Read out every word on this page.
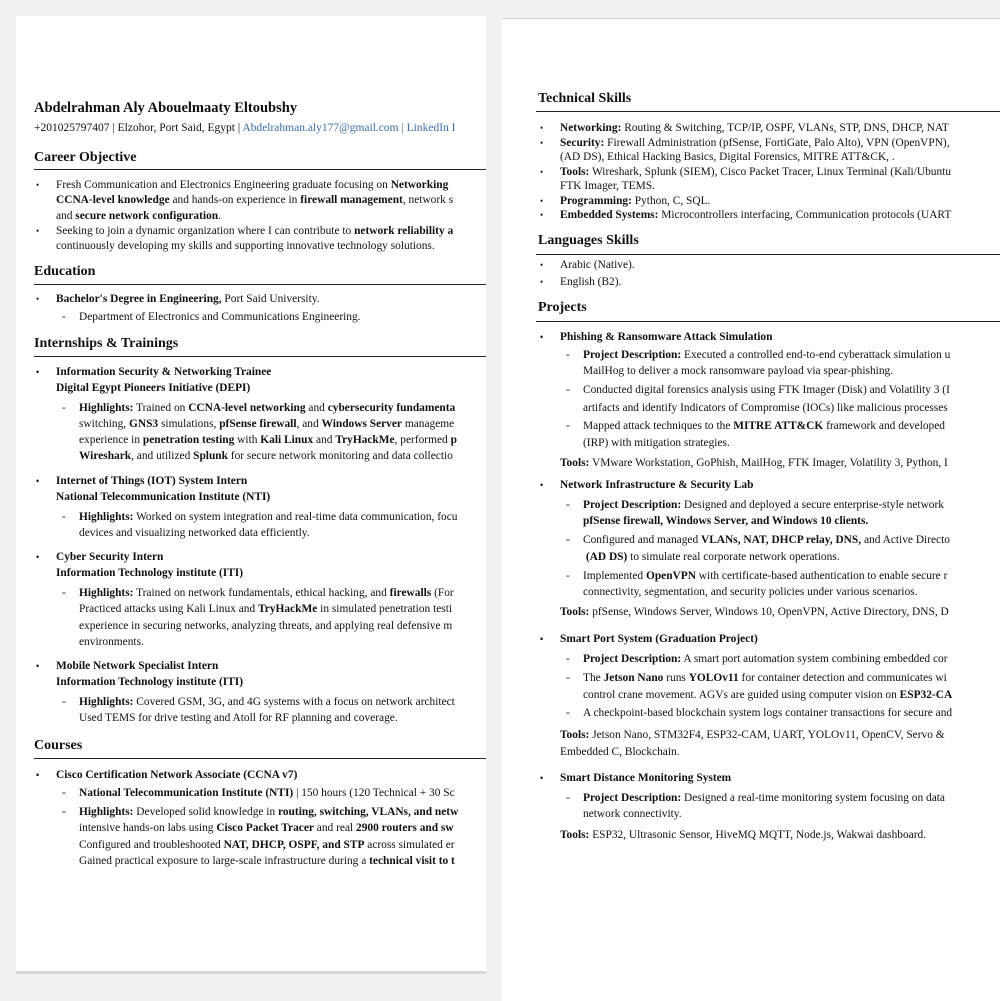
Abdelrahman Aly Abouelmaaty Eltoubshy
+201025797407 | Elzohor, Port Said, Egypt | Abdelrahman.aly177@gmail.com | LinkedIn I
Career Objective
• Fresh Communication and Electronics Engineering graduate focusing on Networking
CCNA-level knowledge and hands-on experience in firewall management, network s
and secure network configuration.
• Seeking to join a dynamic organization where I can contribute to network reliability a
continuously developing my skills and supporting innovative technology solutions.
Education
• Bachelor's Degree in Engineering, Port Said University.
- Department of Electronics and Communications Engineering.
Internships & Trainings
• Information Security & Networking Trainee
Digital Egypt Pioneers Initiative (DEPI)
- Highlights: Trained on CCNA-level networking and cybersecurity fundamenta
switching, GNS3 simulations, pfSense firewall, and Windows Server manageme
experience in penetration testing with Kali Linux and TryHackMe, performed p
Wireshark, and utilized Splunk for secure network monitoring and data collectio
• Internet of Things (IOT) System Intern
National Telecommunication Institute (NTI)
- Highlights: Worked on system integration and real-time data communication, focu
devices and visualizing networked data efficiently.
• Cyber Security Intern
Information Technology institute (ITI)
- Highlights: Trained on network fundamentals, ethical hacking, and firewalls (For
Practiced attacks using Kali Linux and TryHackMe in simulated penetration testi
experience in securing networks, analyzing threats, and applying real defensive m
environments.
• Mobile Network Specialist Intern
Information Technology institute (ITI)
- Highlights: Covered GSM, 3G, and 4G systems with a focus on network architect
Used TEMS for drive testing and Atoll for RF planning and coverage.
Courses
• Cisco Certification Network Associate (CCNA v7)
- National Telecommunication Institute (NTI) | 150 hours (120 Technical + 30 Sc
- Highlights: Developed solid knowledge in routing, switching, VLANs, and netw
intensive hands-on labs using Cisco Packet Tracer and real 2900 routers and sw
Configured and troubleshooted NAT, DHCP, OSPF, and STP across simulated er
Gained practical exposure to large-scale infrastructure during a technical visit to t
Technical Skills
• Networking: Routing & Switching, TCP/IP, OSPF, VLANs, STP, DNS, DHCP, NAT
• Security: Firewall Administration (pfSense, FortiGate, Palo Alto), VPN (OpenVPN),
(AD DS), Ethical Hacking Basics, Digital Forensics, MITRE ATT&CK, .
• Tools: Wireshark, Splunk (SIEM), Cisco Packet Tracer, Linux Terminal (Kali/Ubuntu
FTK Imager, TEMS.
• Programming: Python, C, SQL.
• Embedded Systems: Microcontrollers interfacing, Communication protocols (UART
Languages Skills
• Arabic (Native).
• English (B2).
Projects
• Phishing & Ransomware Attack Simulation
- Project Description: Executed a controlled end-to-end cyberattack simulation u
MailHog to deliver a mock ransomware payload via spear-phishing.
- Conducted digital forensics analysis using FTK Imager (Disk) and Volatility 3 (I
artifacts and identify Indicators of Compromise (IOCs) like malicious processes
- Mapped attack techniques to the MITRE ATT&CK framework and developed
(IRP) with mitigation strategies.
Tools: VMware Workstation, GoPhish, MailHog, FTK Imager, Volatility 3, Python, I
• Network Infrastructure & Security Lab
- Project Description: Designed and deployed a secure enterprise-style network
pfSense firewall, Windows Server, and Windows 10 clients.
- Configured and managed VLANs, NAT, DHCP relay, DNS, and Active Directo
(AD DS) to simulate real corporate network operations.
- Implemented OpenVPN with certificate-based authentication to enable secure r
connectivity, segmentation, and security policies under various scenarios.
Tools: pfSense, Windows Server, Windows 10, OpenVPN, Active Directory, DNS, D
• Smart Port System (Graduation Project)
- Project Description: A smart port automation system combining embedded cor
- The Jetson Nano runs YOLOv11 for container detection and communicates wi
control crane movement. AGVs are guided using computer vision on ESP32-CA
- A checkpoint-based blockchain system logs container transactions for secure and
Tools: Jetson Nano, STM32F4, ESP32-CAM, UART, YOLOv11, OpenCV, Servo &
Embedded C, Blockchain.
• Smart Distance Monitoring System
- Project Description: Designed a real-time monitoring system focusing on data
network connectivity.
Tools: ESP32, Ultrasonic Sensor, HiveMQ MQTT, Node.js, Wakwai dashboard.
